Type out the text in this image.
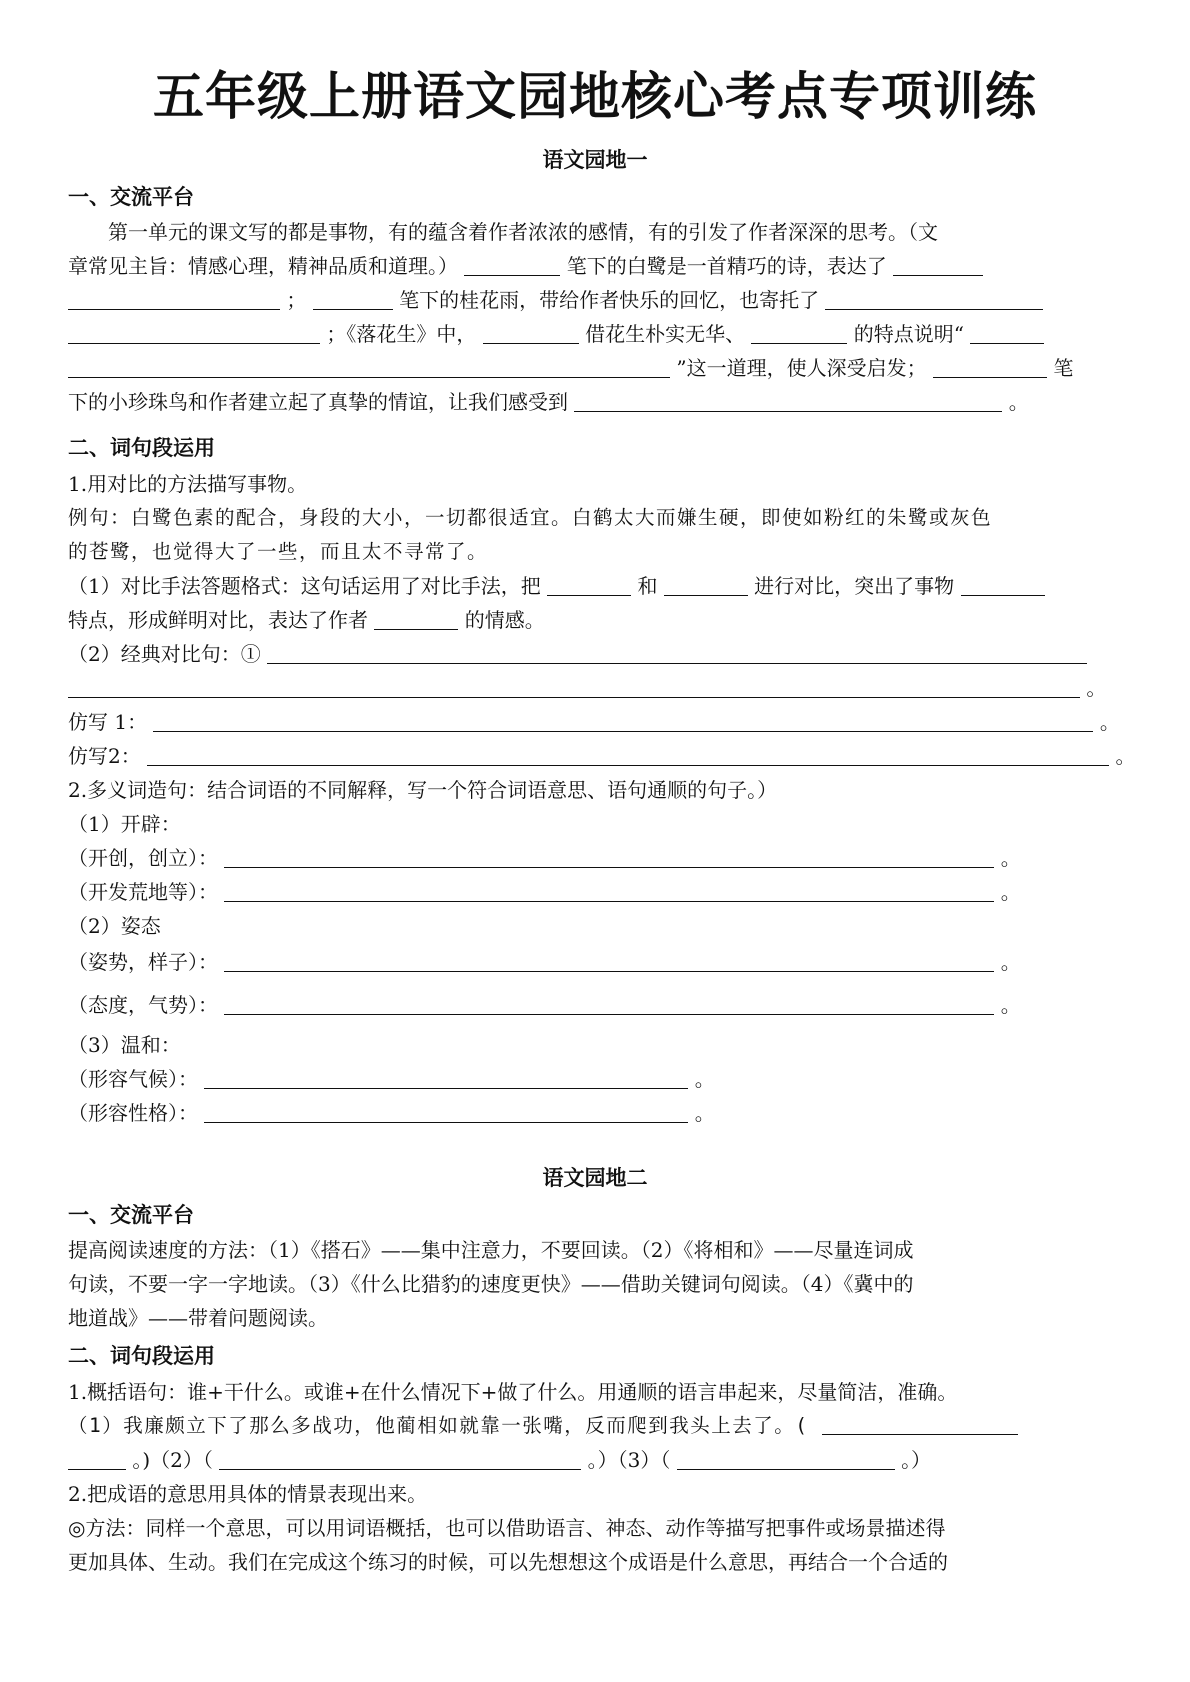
五年级上册语文园地核心考点专项训练
语文园地一
一、交流平台
第一单元的课文写的都是事物，有的蕴含着作者浓浓的感情，有的引发了作者深深的思考。（文
章常见主旨：情感心理，精神品质和道理。）	笔下的白鹭是一首精巧的诗，表达了
；	笔下的桂花雨，带给作者快乐的回忆，也寄托了
；《落花生》中，	借花生朴实无华、	的特点说明“
”这一道理，使人深受启发；	笔
下的小珍珠鸟和作者建立起了真挚的情谊，让我们感受到	。
二、词句段运用
1.用对比的方法描写事物。
例句：白鹭色素的配合，身段的大小，一切都很适宜。白鹤太大而嫌生硬，即使如粉红的朱鹭或灰色
的苍鹭，也觉得大了一些，而且太不寻常了。
（1）对比手法答题格式：这句话运用了对比手法，把	和	进行对比，突出了事物
特点，形成鲜明对比，表达了作者	的情感。
（2）经典对比句：①
。
仿写 1：	。
仿写2：	。
2.多义词造句：结合词语的不同解释，写一个符合词语意思、语句通顺的句子。）
（1）开辟：
（开创，创立）：	。
（开发荒地等）：	。
（2）姿态
（姿势，样子）：	。
（态度，气势）：	。
（3）温和：
（形容气候）：	。
（形容性格）：	。
语文园地二
一、交流平台
提高阅读速度的方法：（1）《搭石》——集中注意力，不要回读。（2）《将相和》——尽量连词成
句读，不要一字一字地读。（3）《什么比猎豹的速度更快》——借助关键词句阅读。（4）《冀中的
地道战》——带着问题阅读。
二、词句段运用
1.概括语句：谁+干什么。或谁+在什么情况下+做了什么。用通顺的语言串起来，尽量简洁，准确。
（1）我廉颇立下了那么多战功，他蔺相如就靠一张嘴，反而爬到我头上去了。(
。)（2）（	。）（3）（	。）
2.把成语的意思用具体的情景表现出来。
◎方法：同样一个意思，可以用词语概括，也可以借助语言、神态、动作等描写把事件或场景描述得
更加具体、生动。我们在完成这个练习的时候，可以先想想这个成语是什么意思，再结合一个合适的
